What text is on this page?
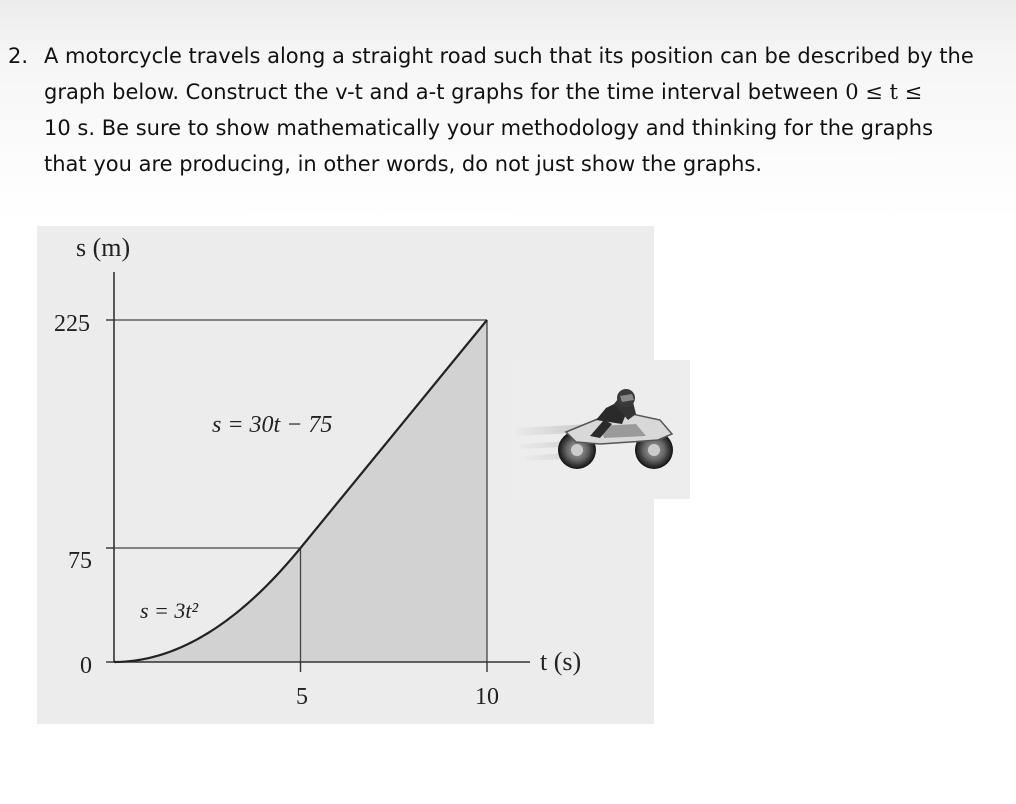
2. A motorcycle travels along a straight road such that its position can be described by the
graph below. Construct the v-t and a-t graphs for the time interval between 0 ≤ t ≤
10 s. Be sure to show mathematically your methodology and thinking for the graphs
that you are producing, in other words, do not just show the graphs.
s (m)
t (s)
225
75
0
5	10
s = 30t − 75
s = 3t²
